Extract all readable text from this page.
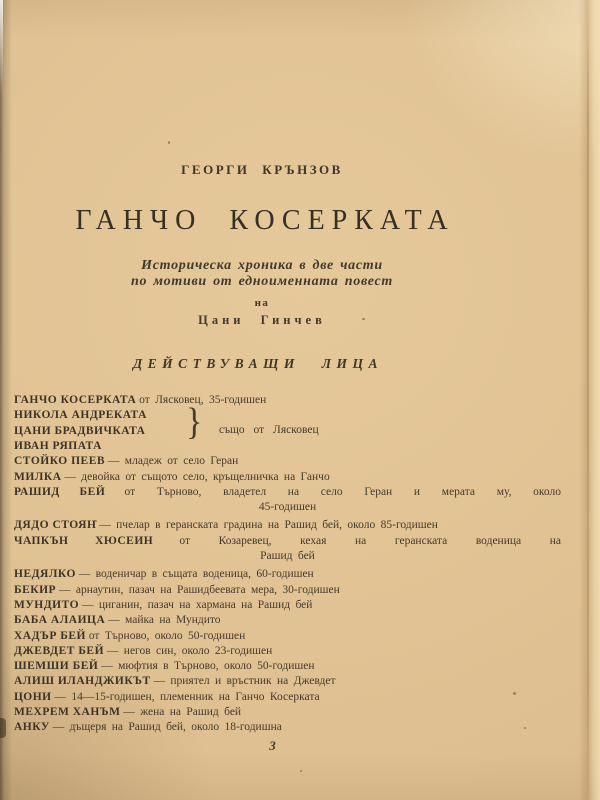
ГЕОРГИ КРЪНЗОВ
ГАНЧО КОСЕРКАТА
Историческа хроника в две части
по мотиви от едноименната повест
на
Цани Гинчев
ДЕЙСТВУВАЩИ ЛИЦА
ГАНЧО КОСЕРКАТА от Лясковец, 35-годишен
НИКОЛА АНДРЕКАТА
ЦАНИ БРАДВИЧКАТА
ИВАН РЯПАТА
} също от Лясковец
СТОЙКО ПЕЕВ — младеж от село Геран
МИЛКА — девойка от същото село, кръщелничка на Ганчо
РАШИД БЕЙ от Търново, владетел на село Геран и мерата му, около
45-годишен
ДЯДО СТОЯН — пчелар в геранската градина на Рашид бей, около 85-годишен
ЧАПКЪН ХЮСЕИН от Козаревец, кехая на геранската воденица на
Рашид бей
НЕДЯЛКО — воденичар в същата воденица, 60-годишен
БЕКИР — арнаутин, пазач на Рашидбеевата мера, 30-годишен
МУНДИТО — циганин, пазач на хармана на Рашид бей
БАБА АЛАИЦА — майка на Мундито
ХАДЪР БЕЙ от Търново, около 50-годишен
ДЖЕВДЕТ БЕЙ — негов син, около 23-годишен
ШЕМШИ БЕЙ — мюфтия в Търново, около 50-годишен
АЛИШ ИЛАНДЖИКЪТ — приятел и връстник на Джевдет
ЦОНИ — 14—15-годишен, племенник на Ганчо Косерката
МЕХРЕМ ХАНЪМ — жена на Рашид бей
АНКУ — дъщеря на Рашид бей, около 18-годишна
3
